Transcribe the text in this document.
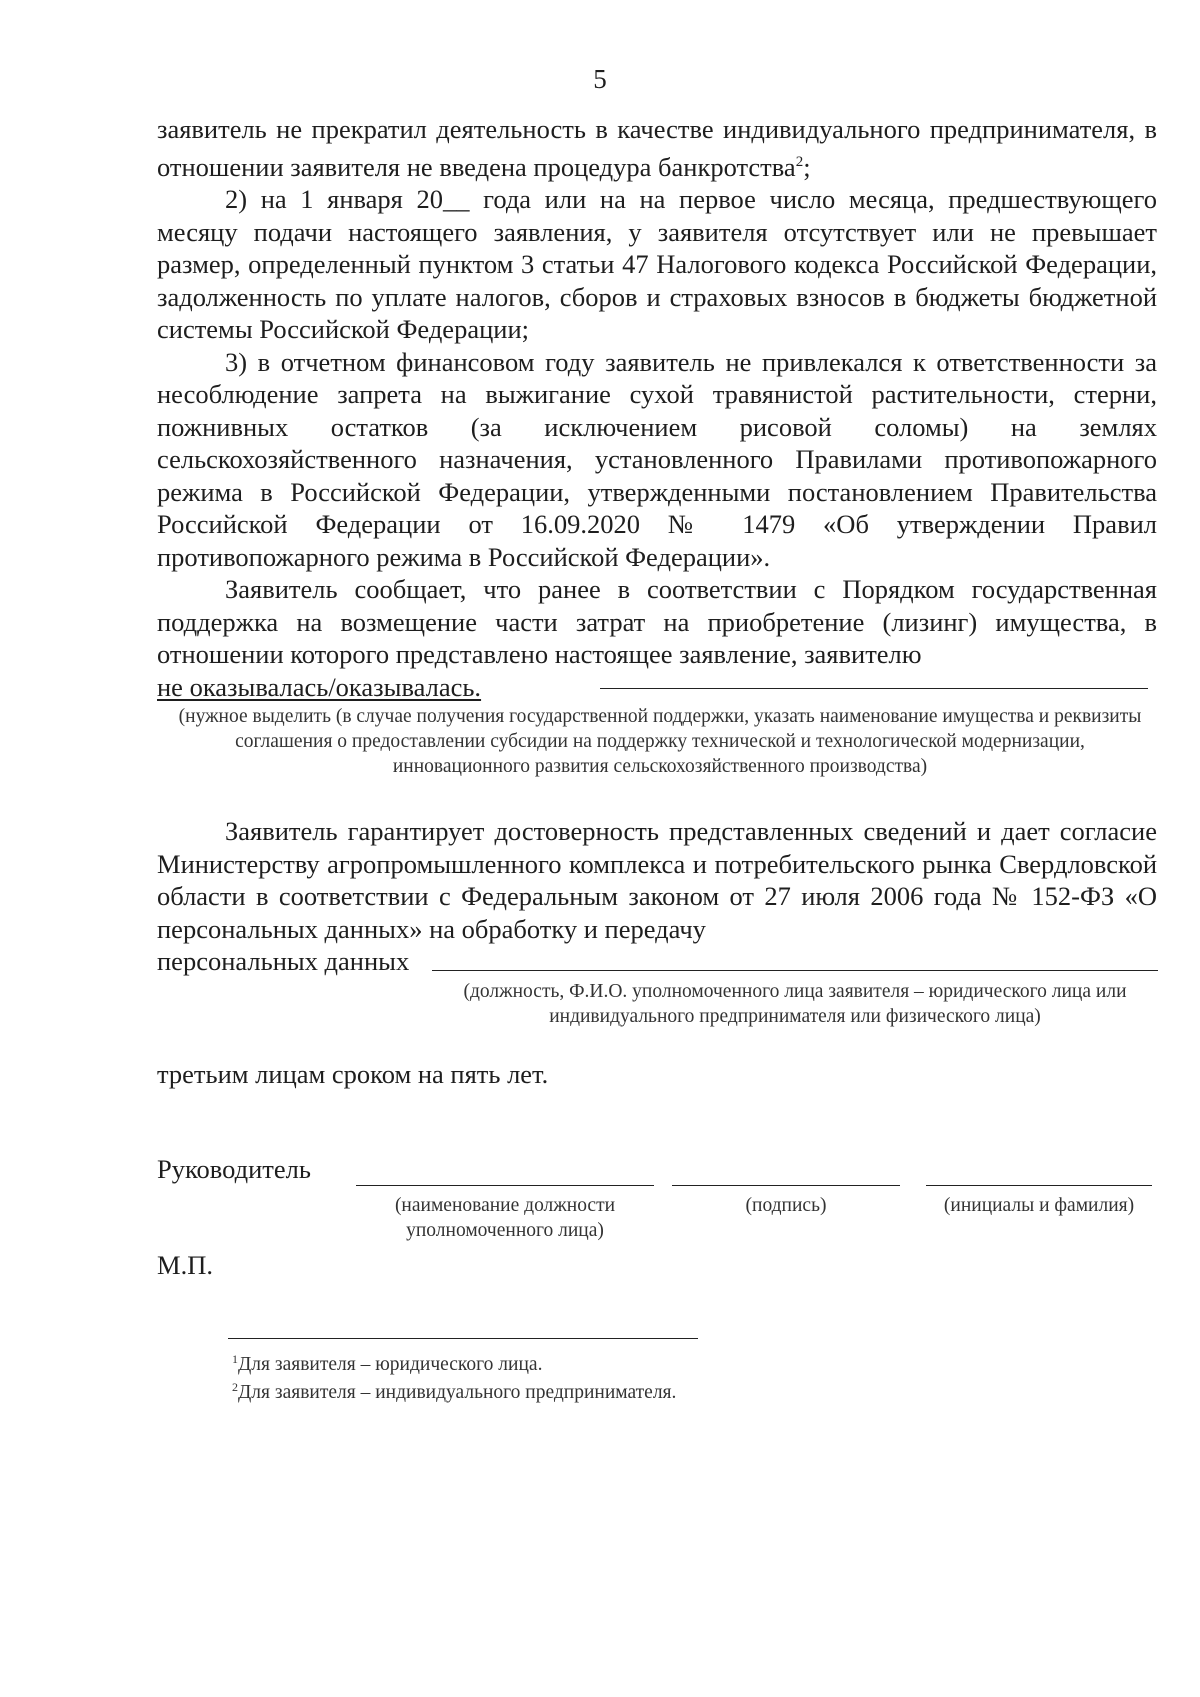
5

заявитель не прекратил деятельность в качестве индивидуального предпринимателя, в отношении заявителя не введена процедура банкротства$^2$;

2) на 1 января 20__ года или на на первое число месяца, предшествующего месяцу подачи настоящего заявления, у заявителя отсутствует или не превышает размер, определенный пунктом 3 статьи 47 Налогового кодекса Российской Федерации, задолженность по уплате налогов, сборов и страховых взносов в бюджеты бюджетной системы Российской Федерации;

3) в отчетном финансовом году заявитель не привлекался к ответственности за несоблюдение запрета на выжигание сухой травянистой растительности, стерни, пожнивных остатков (за исключением рисовой соломы) на землях сельскохозяйственного назначения, установленного Правилами противопожарного режима в Российской Федерации, утвержденными постановлением Правительства Российской Федерации от 16.09.2020 № 1479 «Об утверждении Правил противопожарного режима в Российской Федерации».

Заявитель сообщает, что ранее в соответствии с Порядком государственная поддержка на возмещение части затрат на приобретение (лизинг) имущества, в отношении которого представлено настоящее заявление, заявителю

не оказывалась/оказывалась.

(нужное выделить (в случае получения государственной поддержки, указать наименование имущества и реквизиты соглашения о предоставлении субсидии на поддержку технической и технологической модернизации, инновационного развития сельскохозяйственного производства)

Заявитель гарантирует достоверность представленных сведений и дает согласие Министерству агропромышленного комплекса и потребительского рынка Свердловской области в соответствии с Федеральным законом от 27 июля 2006 года № 152-ФЗ «О персональных данных» на обработку и передачу

персональных данных

(должность, Ф.И.О. уполномоченного лица заявителя – юридического лица или индивидуального предпринимателя или физического лица)

третьим лицам сроком на пять лет.

Руководитель
(наименование должности уполномоченного лица)
(подпись)	(инициалы и фамилия)
М.П.
$^1$Для заявителя – юридического лица.
$^2$Для заявителя – индивидуального предпринимателя.
